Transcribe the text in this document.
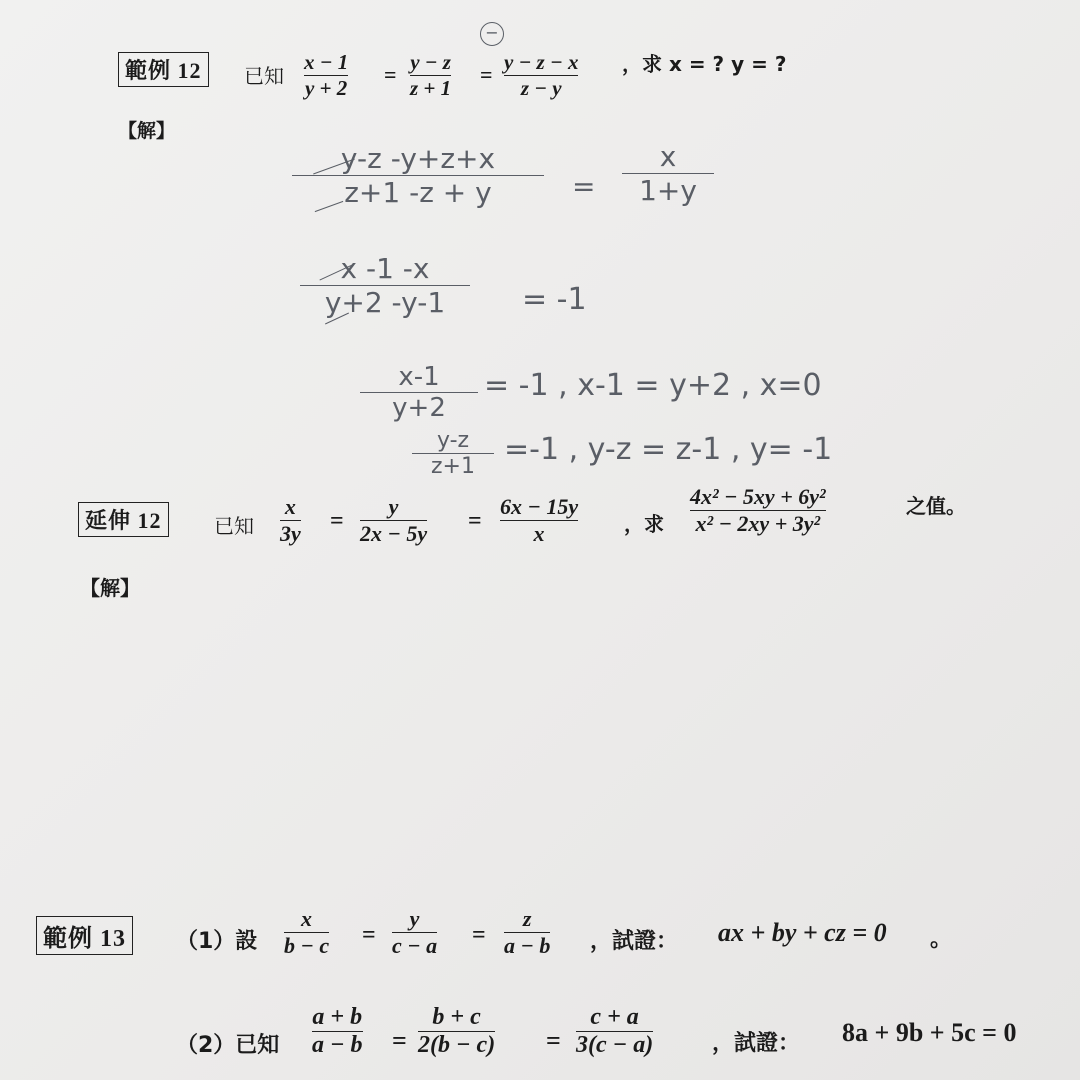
範例 12	已知
x − 1
y + 2
= y − z
z + 1
= y − z − x
z − y
，求 x = ? y = ?
−
【解】
y-z -y+z+x
z+1 -z + y	=
x
1+y
x -1 -x
y+2 -y-1	= -1
x-1
y+2
= -1 , x-1 = y+2 , x=0
y-z
z+1 =-1 , y-z = z-1 , y= -1
延伸 12	已知
x
3y =
y
2x − 5y =
6x − 15y
x	，求
4x² − 5xy + 6y²
x² − 2xy + 3y²
之值。
【解】
範例 13	（1）設
x
b − c =
y
c − a =
z
a − b ，試證： ax + by + cz = 0 。
（2）已知
a + b
a − b =
b + c
2(b − c) =
c + a
3(c − a)	，試證： 8a + 9b + 5c = 0
